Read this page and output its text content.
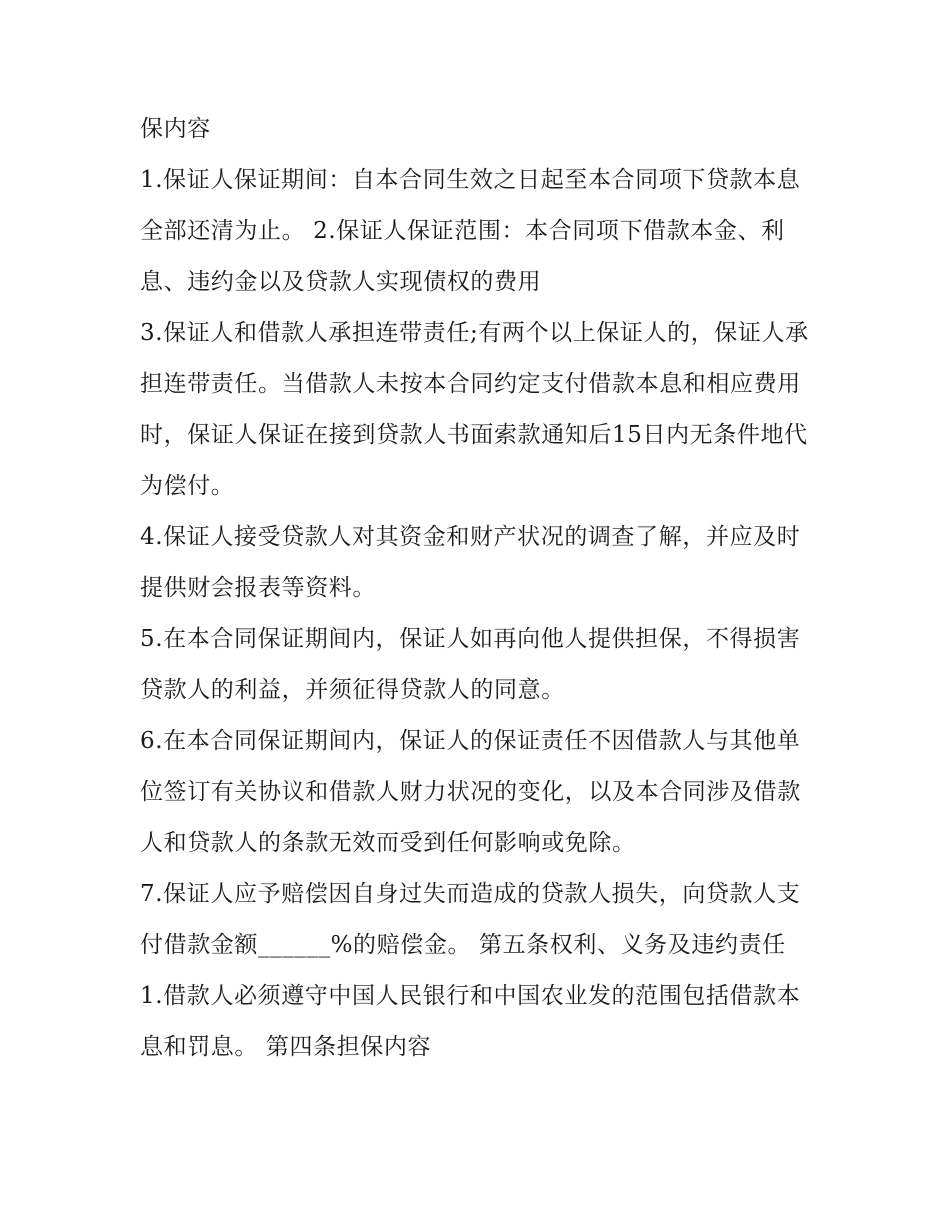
保内容

1.保证人保证期间：自本合同生效之日起至本合同项下贷款本息全部还清为止。 2.保证人保证范围：本合同项下借款本金、利息、违约金以及贷款人实现债权的费用

3.保证人和借款人承担连带责任;有两个以上保证人的，保证人承担连带责任。当借款人未按本合同约定支付借款本息和相应费用时，保证人保证在接到贷款人书面索款通知后15日内无条件地代为偿付。

4.保证人接受贷款人对其资金和财产状况的调查了解，并应及时提供财会报表等资料。

5.在本合同保证期间内，保证人如再向他人提供担保，不得损害贷款人的利益，并须征得贷款人的同意。

6.在本合同保证期间内，保证人的保证责任不因借款人与其他单位签订有关协议和借款人财力状况的变化，以及本合同涉及借款人和贷款人的条款无效而受到任何影响或免除。

7.保证人应予赔偿因自身过失而造成的贷款人损失，向贷款人支付借款金额______%的赔偿金。 第五条权利、义务及违约责任

1.借款人必须遵守中国人民银行和中国农业发的范围包括借款本息和罚息。 第四条担保内容
